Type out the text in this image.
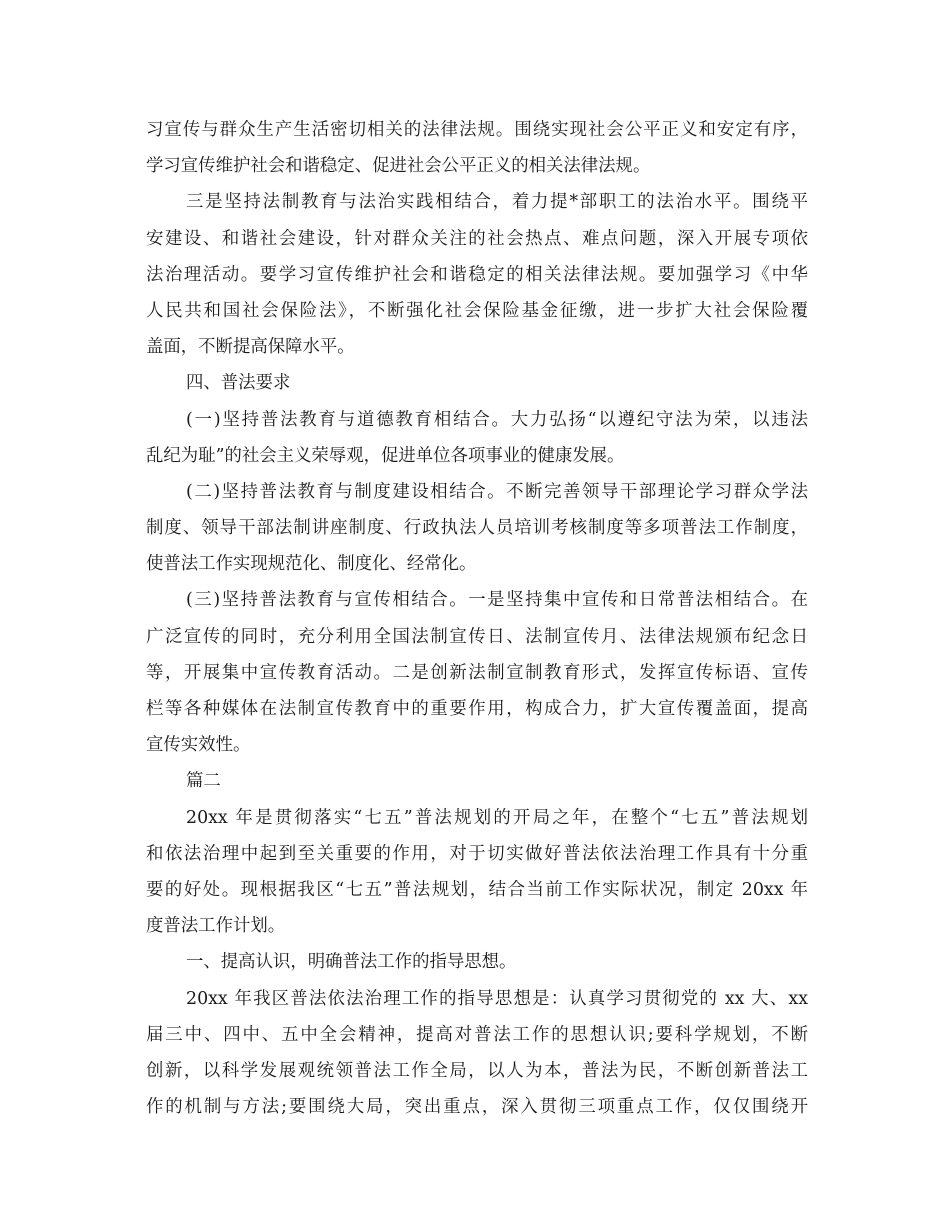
习宣传与群众生产生活密切相关的法律法规。围绕实现社会公平正义和安定有序，
学习宣传维护社会和谐稳定、促进社会公平正义的相关法律法规。
三是坚持法制教育与法治实践相结合，着力提*部职工的法治水平。围绕平
安建设、和谐社会建设，针对群众关注的社会热点、难点问题，深入开展专项依
法治理活动。要学习宣传维护社会和谐稳定的相关法律法规。要加强学习《中华
人民共和国社会保险法》，不断强化社会保险基金征缴，进一步扩大社会保险覆
盖面，不断提高保障水平。
四、普法要求
(一)坚持普法教育与道德教育相结合。大力弘扬“以遵纪守法为荣，以违法
乱纪为耻”的社会主义荣辱观，促进单位各项事业的健康发展。
(二)坚持普法教育与制度建设相结合。不断完善领导干部理论学习群众学法
制度、领导干部法制讲座制度、行政执法人员培训考核制度等多项普法工作制度，
使普法工作实现规范化、制度化、经常化。
(三)坚持普法教育与宣传相结合。一是坚持集中宣传和日常普法相结合。在
广泛宣传的同时，充分利用全国法制宣传日、法制宣传月、法律法规颁布纪念日
等，开展集中宣传教育活动。二是创新法制宣制教育形式，发挥宣传标语、宣传
栏等各种媒体在法制宣传教育中的重要作用，构成合力，扩大宣传覆盖面，提高
宣传实效性。
篇二
20xx 年是贯彻落实“七五”普法规划的开局之年，在整个“七五”普法规划
和依法治理中起到至关重要的作用，对于切实做好普法依法治理工作具有十分重
要的好处。现根据我区“七五”普法规划，结合当前工作实际状况，制定 20xx 年
度普法工作计划。
一、提高认识，明确普法工作的指导思想。
20xx 年我区普法依法治理工作的指导思想是：认真学习贯彻党的 xx 大、xx
届三中、四中、五中全会精神，提高对普法工作的思想认识;要科学规划，不断
创新，以科学发展观统领普法工作全局，以人为本，普法为民，不断创新普法工
作的机制与方法;要围绕大局，突出重点，深入贯彻三项重点工作，仅仅围绕开
